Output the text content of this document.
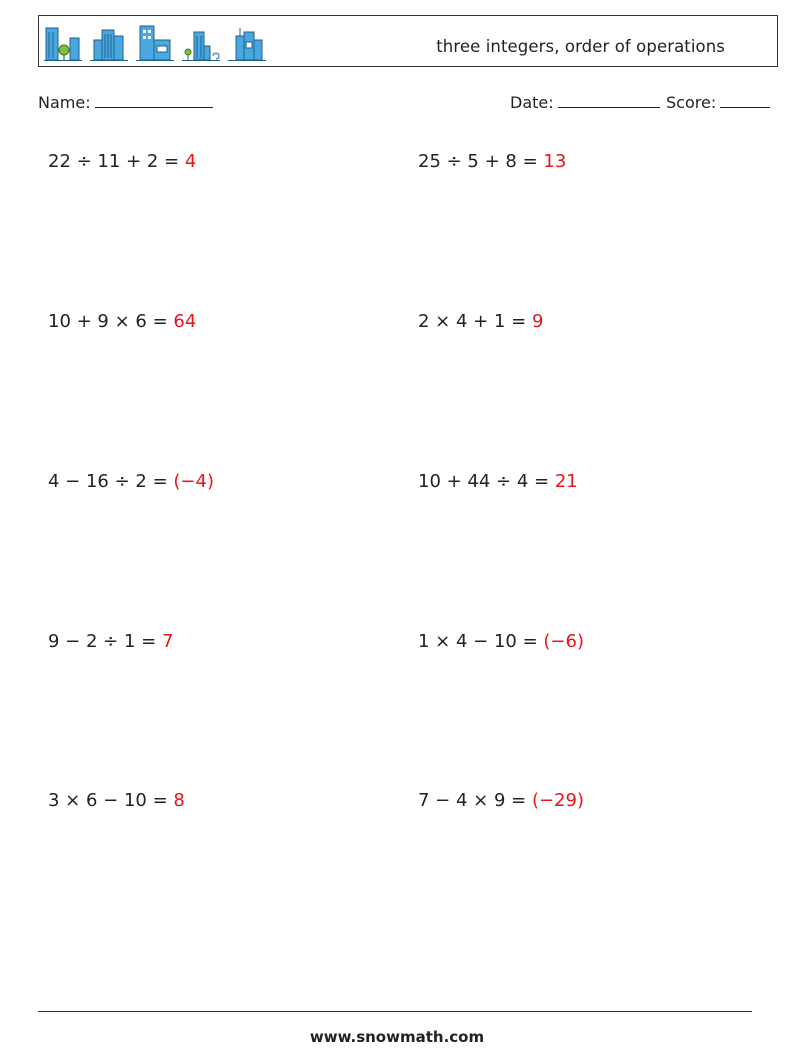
three integers, order of operations
Name:	Date:	Score:
22 ÷ 11 + 2 = 4
10 + 9 × 6 = 64
4 − 16 ÷ 2 = (−4)
9 − 2 ÷ 1 = 7
3 × 6 − 10 = 8
25 ÷ 5 + 8 = 13
2 × 4 + 1 = 9
10 + 44 ÷ 4 = 21
1 × 4 − 10 = (−6)
7 − 4 × 9 = (−29)
www.snowmath.com
